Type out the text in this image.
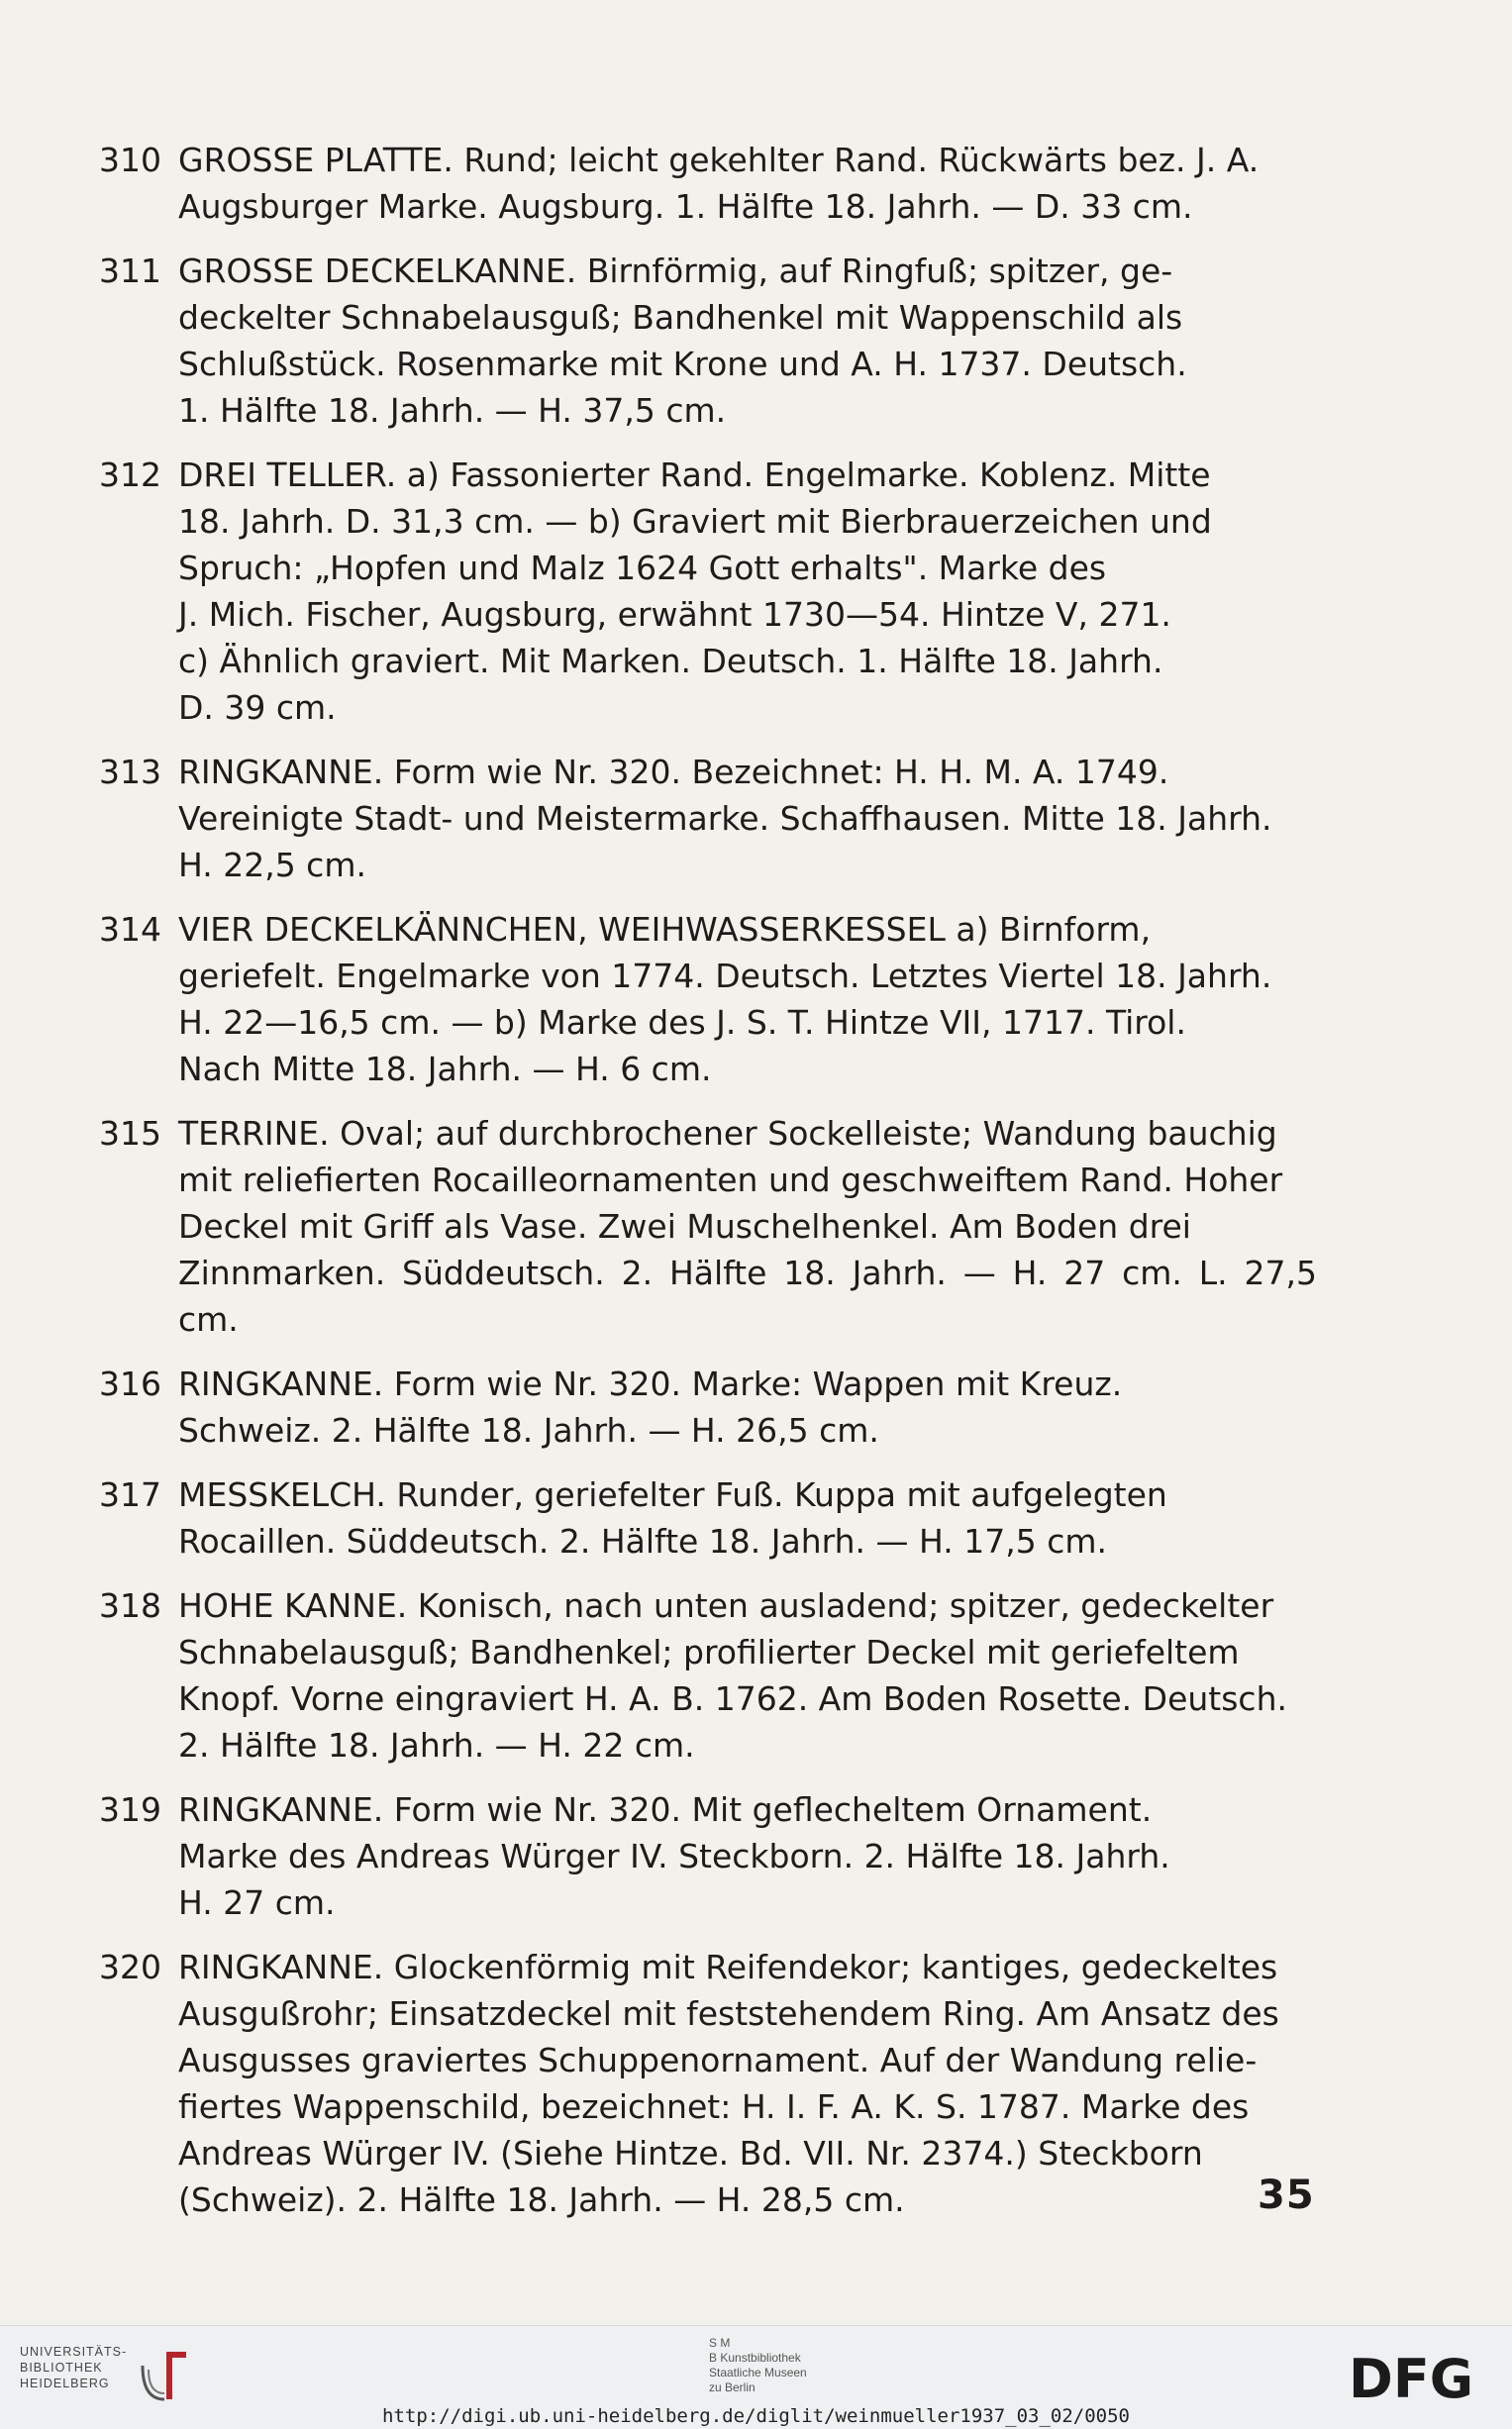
310 GROSSE PLATTE. Rund; leicht gekehlter Rand. Rückwärts bez. J. A.
Augsburger Marke. Augsburg. 1. Hälfte 18. Jahrh. — D. 33 cm.
311 GROSSE DECKELKANNE. Birnförmig, auf Ringfuß; spitzer, ge-
deckelter Schnabelausguß; Bandhenkel mit Wappenschild als
Schlußstück. Rosenmarke mit Krone und A. H. 1737. Deutsch.
1. Hälfte 18. Jahrh. — H. 37,5 cm.
312 DREI TELLER. a) Fassonierter Rand. Engelmarke. Koblenz. Mitte
18. Jahrh. D. 31,3 cm. — b) Graviert mit Bierbrauerzeichen und
Spruch: „Hopfen und Malz 1624 Gott erhalts". Marke des
J. Mich. Fischer, Augsburg, erwähnt 1730—54. Hintze V, 271.
c) Ähnlich graviert. Mit Marken. Deutsch. 1. Hälfte 18. Jahrh.
D. 39 cm.
313 RINGKANNE. Form wie Nr. 320. Bezeichnet: H. H. M. A. 1749.
Vereinigte Stadt- und Meistermarke. Schaffhausen. Mitte 18. Jahrh.
H. 22,5 cm.
314 VIER DECKELKÄNNCHEN, WEIHWASSERKESSEL a) Birnform,
geriefelt. Engelmarke von 1774. Deutsch. Letztes Viertel 18. Jahrh.
H. 22—16,5 cm. — b) Marke des J. S. T. Hintze VII, 1717. Tirol.
Nach Mitte 18. Jahrh. — H. 6 cm.
315 TERRINE. Oval; auf durchbrochener Sockelleiste; Wandung bauchig
mit reliefierten Rocailleornamenten und geschweiftem Rand. Hoher
Deckel mit Griff als Vase. Zwei Muschelhenkel. Am Boden drei
Zinnmarken. Süddeutsch. 2. Hälfte 18. Jahrh. — H. 27 cm. L. 27,5 cm.
316 RINGKANNE. Form wie Nr. 320. Marke: Wappen mit Kreuz.
Schweiz. 2. Hälfte 18. Jahrh. — H. 26,5 cm.
317 MESSKELCH. Runder, geriefelter Fuß. Kuppa mit aufgelegten
Rocaillen. Süddeutsch. 2. Hälfte 18. Jahrh. — H. 17,5 cm.
318 HOHE KANNE. Konisch, nach unten ausladend; spitzer, gedeckelter
Schnabelausguß; Bandhenkel; profilierter Deckel mit geriefeltem
Knopf. Vorne eingraviert H. A. B. 1762. Am Boden Rosette. Deutsch.
2. Hälfte 18. Jahrh. — H. 22 cm.
319 RINGKANNE. Form wie Nr. 320. Mit geflecheltem Ornament.
Marke des Andreas Würger IV. Steckborn. 2. Hälfte 18. Jahrh.
H. 27 cm.
320 RINGKANNE. Glockenförmig mit Reifendekor; kantiges, gedeckeltes
Ausgußrohr; Einsatzdeckel mit feststehendem Ring. Am Ansatz des
Ausgusses graviertes Schuppenornament. Auf der Wandung relie-
fiertes Wappenschild, bezeichnet: H. I. F. A. K. S. 1787. Marke des
Andreas Würger IV. (Siehe Hintze. Bd. VII. Nr. 2374.) Steckborn
(Schweiz). 2. Hälfte 18. Jahrh. — H. 28,5 cm.	35
UNIVERSITÄTS-
BIBLIOTHEK
HEIDELBERG
S M
B Kunstbibliothek
Staatliche Museen
zu Berlin	DFG
http://digi.ub.uni-heidelberg.de/diglit/weinmueller1937_03_02/0050
